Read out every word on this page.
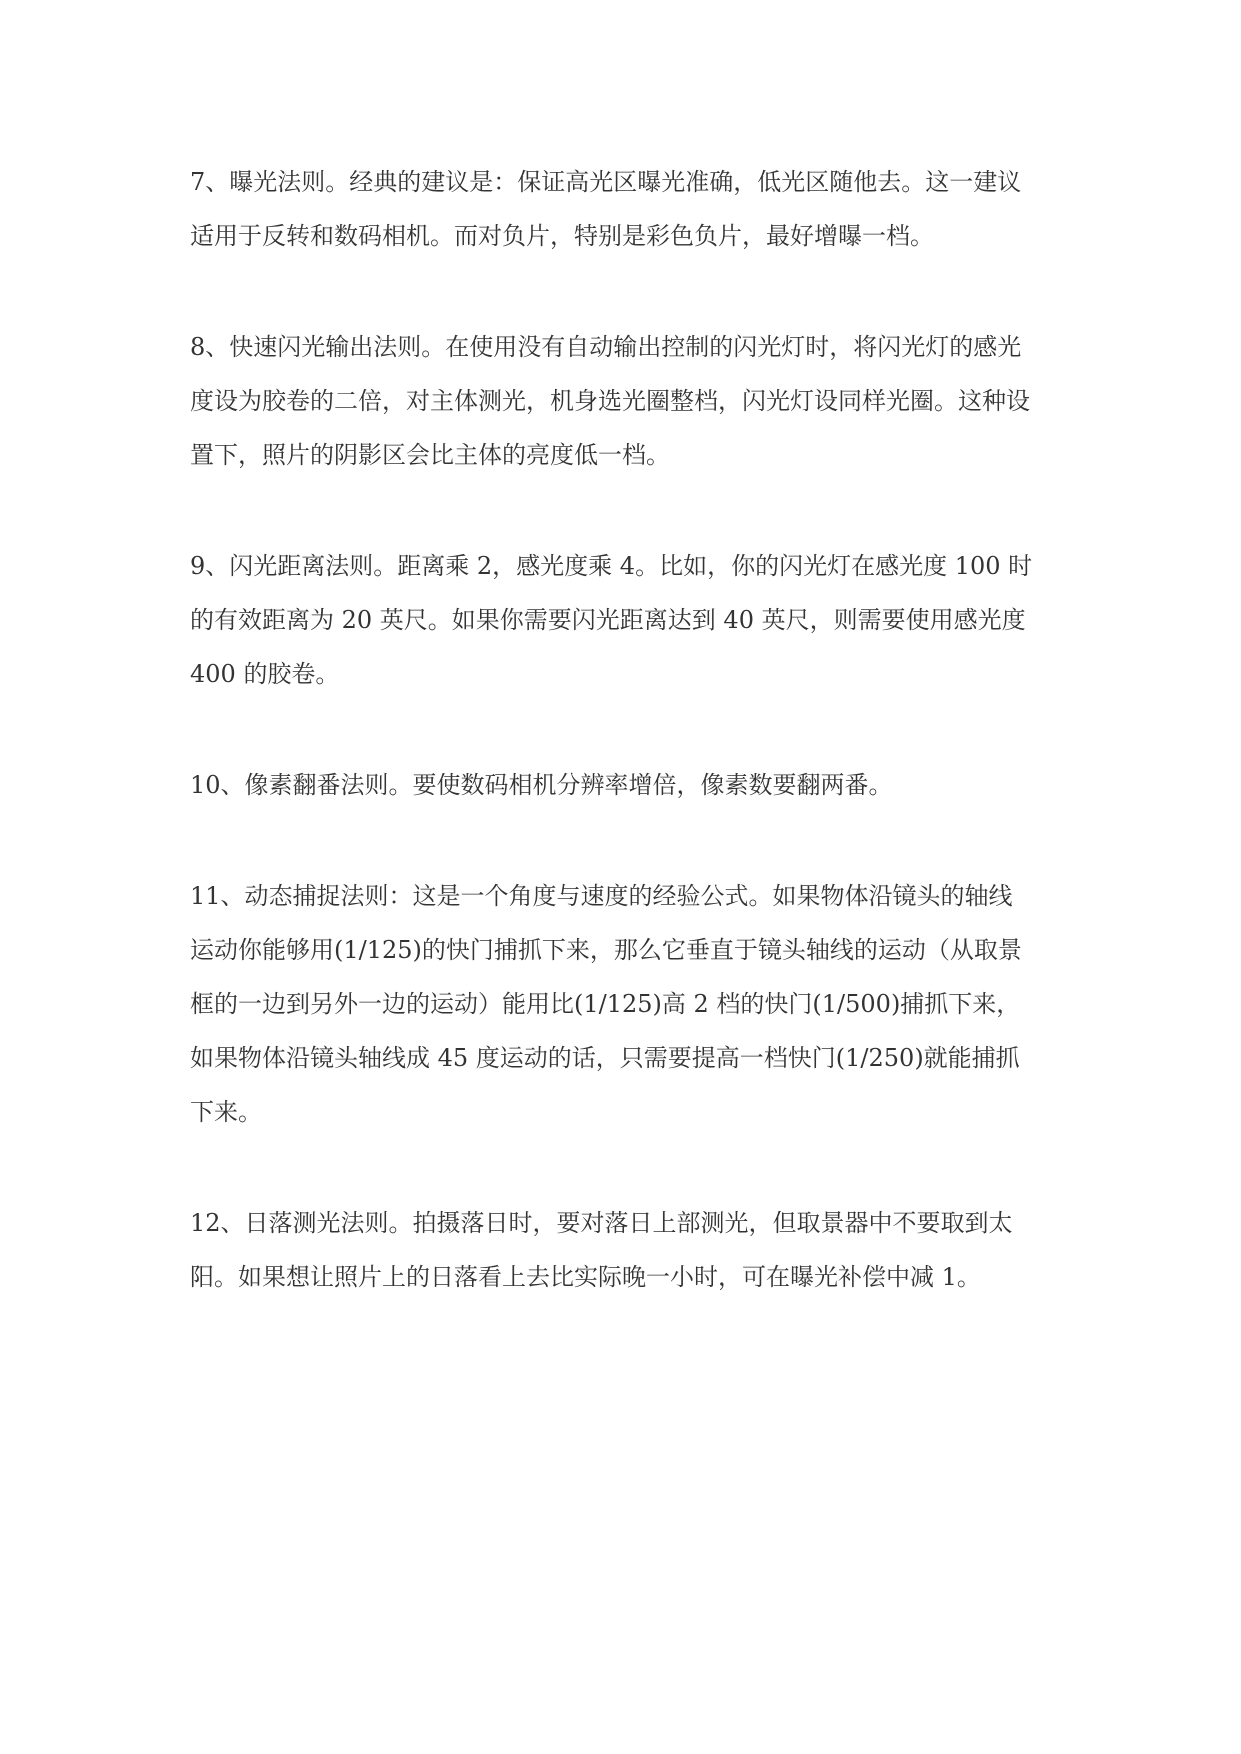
7、曝光法则。经典的建议是：保证高光区曝光准确，低光区随他去。这一建议
适用于反转和数码相机。而对负片，特别是彩色负片，最好增曝一档。

8、快速闪光输出法则。在使用没有自动输出控制的闪光灯时，将闪光灯的感光
度设为胶卷的二倍，对主体测光，机身选光圈整档，闪光灯设同样光圈。这种设
置下，照片的阴影区会比主体的亮度低一档。

9、闪光距离法则。距离乘 2，感光度乘 4。比如，你的闪光灯在感光度 100 时
的有效距离为 20 英尺。如果你需要闪光距离达到 40 英尺，则需要使用感光度
400 的胶卷。

10、像素翻番法则。要使数码相机分辨率增倍，像素数要翻两番。

11、动态捕捉法则：这是一个角度与速度的经验公式。如果物体沿镜头的轴线
运动你能够用(1/125)的快门捕抓下来，那么它垂直于镜头轴线的运动（从取景
框的一边到另外一边的运动）能用比(1/125)高 2 档的快门(1/500)捕抓下来，
如果物体沿镜头轴线成 45 度运动的话，只需要提高一档快门(1/250)就能捕抓
下来。

12、日落测光法则。拍摄落日时，要对落日上部测光，但取景器中不要取到太
阳。如果想让照片上的日落看上去比实际晚一小时，可在曝光补偿中减 1。
